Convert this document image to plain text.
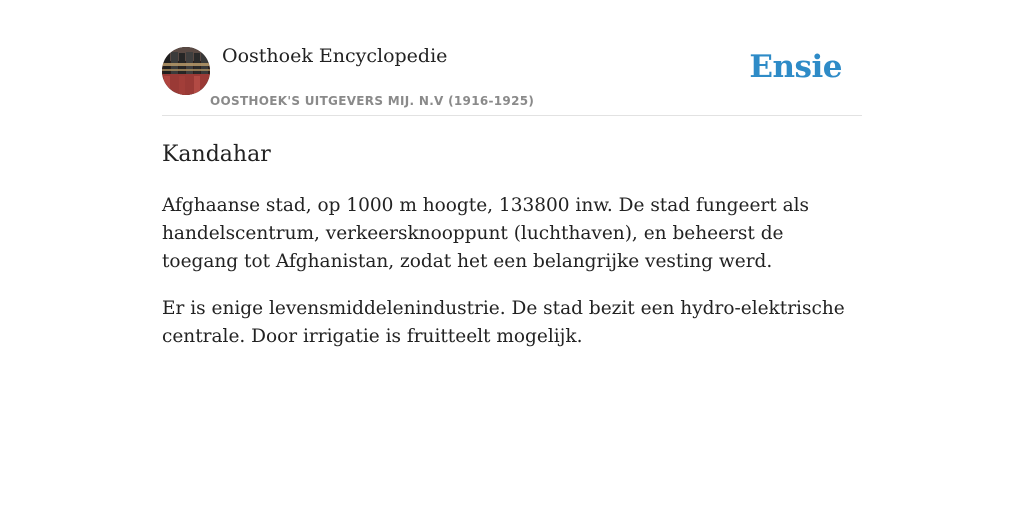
Oosthoek Encyclopedie
OOSTHOEK'S UITGEVERS MIJ. N.V (1916-1925)
Ensie
Kandahar

Afghaanse stad, op 1000 m hoogte, 133800 inw. De stad fungeert als handelscentrum, verkeersknooppunt (luchthaven), en beheerst de toegang tot Afghanistan, zodat het een belangrijke vesting werd.

Er is enige levensmiddelenindustrie. De stad bezit een hydro-elektrische centrale. Door irrigatie is fruitteelt mogelijk.
